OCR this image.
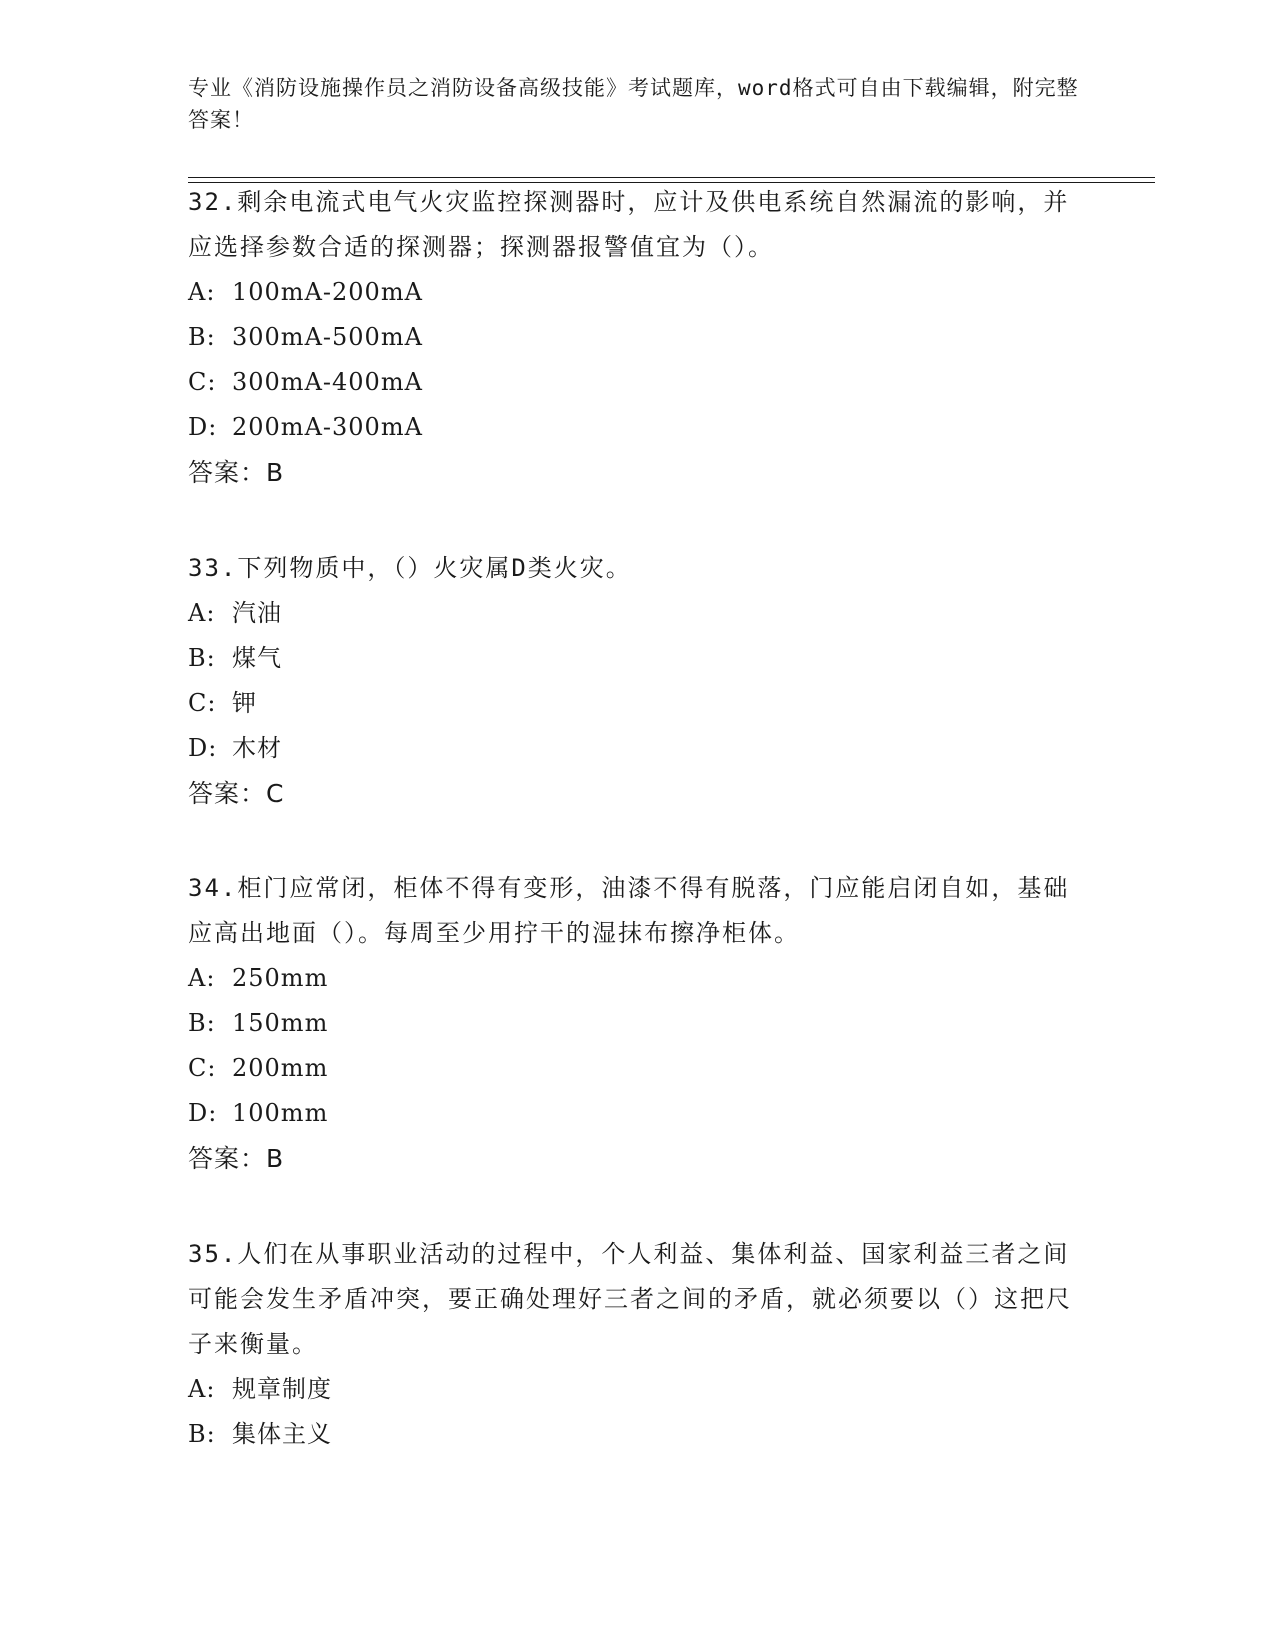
专业《消防设施操作员之消防设备高级技能》考试题库，word格式可自由下载编辑，附完整答案！
32.剩余电流式电气火灾监控探测器时，应计及供电系统自然漏流的影响，并应选择参数合适的探测器；探测器报警值宜为（）。
A: 100mA-200mA
B: 300mA-500mA
C: 300mA-400mA
D: 200mA-300mA
答案：B
33.下列物质中，（）火灾属D类火灾。
A: 汽油
B: 煤气
C: 钾
D: 木材
答案：C
34.柜门应常闭，柜体不得有变形，油漆不得有脱落，门应能启闭自如，基础应高出地面（）。每周至少用拧干的湿抹布擦净柜体。
A: 250mm
B: 150mm
C: 200mm
D: 100mm
答案：B
35.人们在从事职业活动的过程中，个人利益、集体利益、国家利益三者之间可能会发生矛盾冲突，要正确处理好三者之间的矛盾，就必须要以（）这把尺子来衡量。
A: 规章制度
B: 集体主义
